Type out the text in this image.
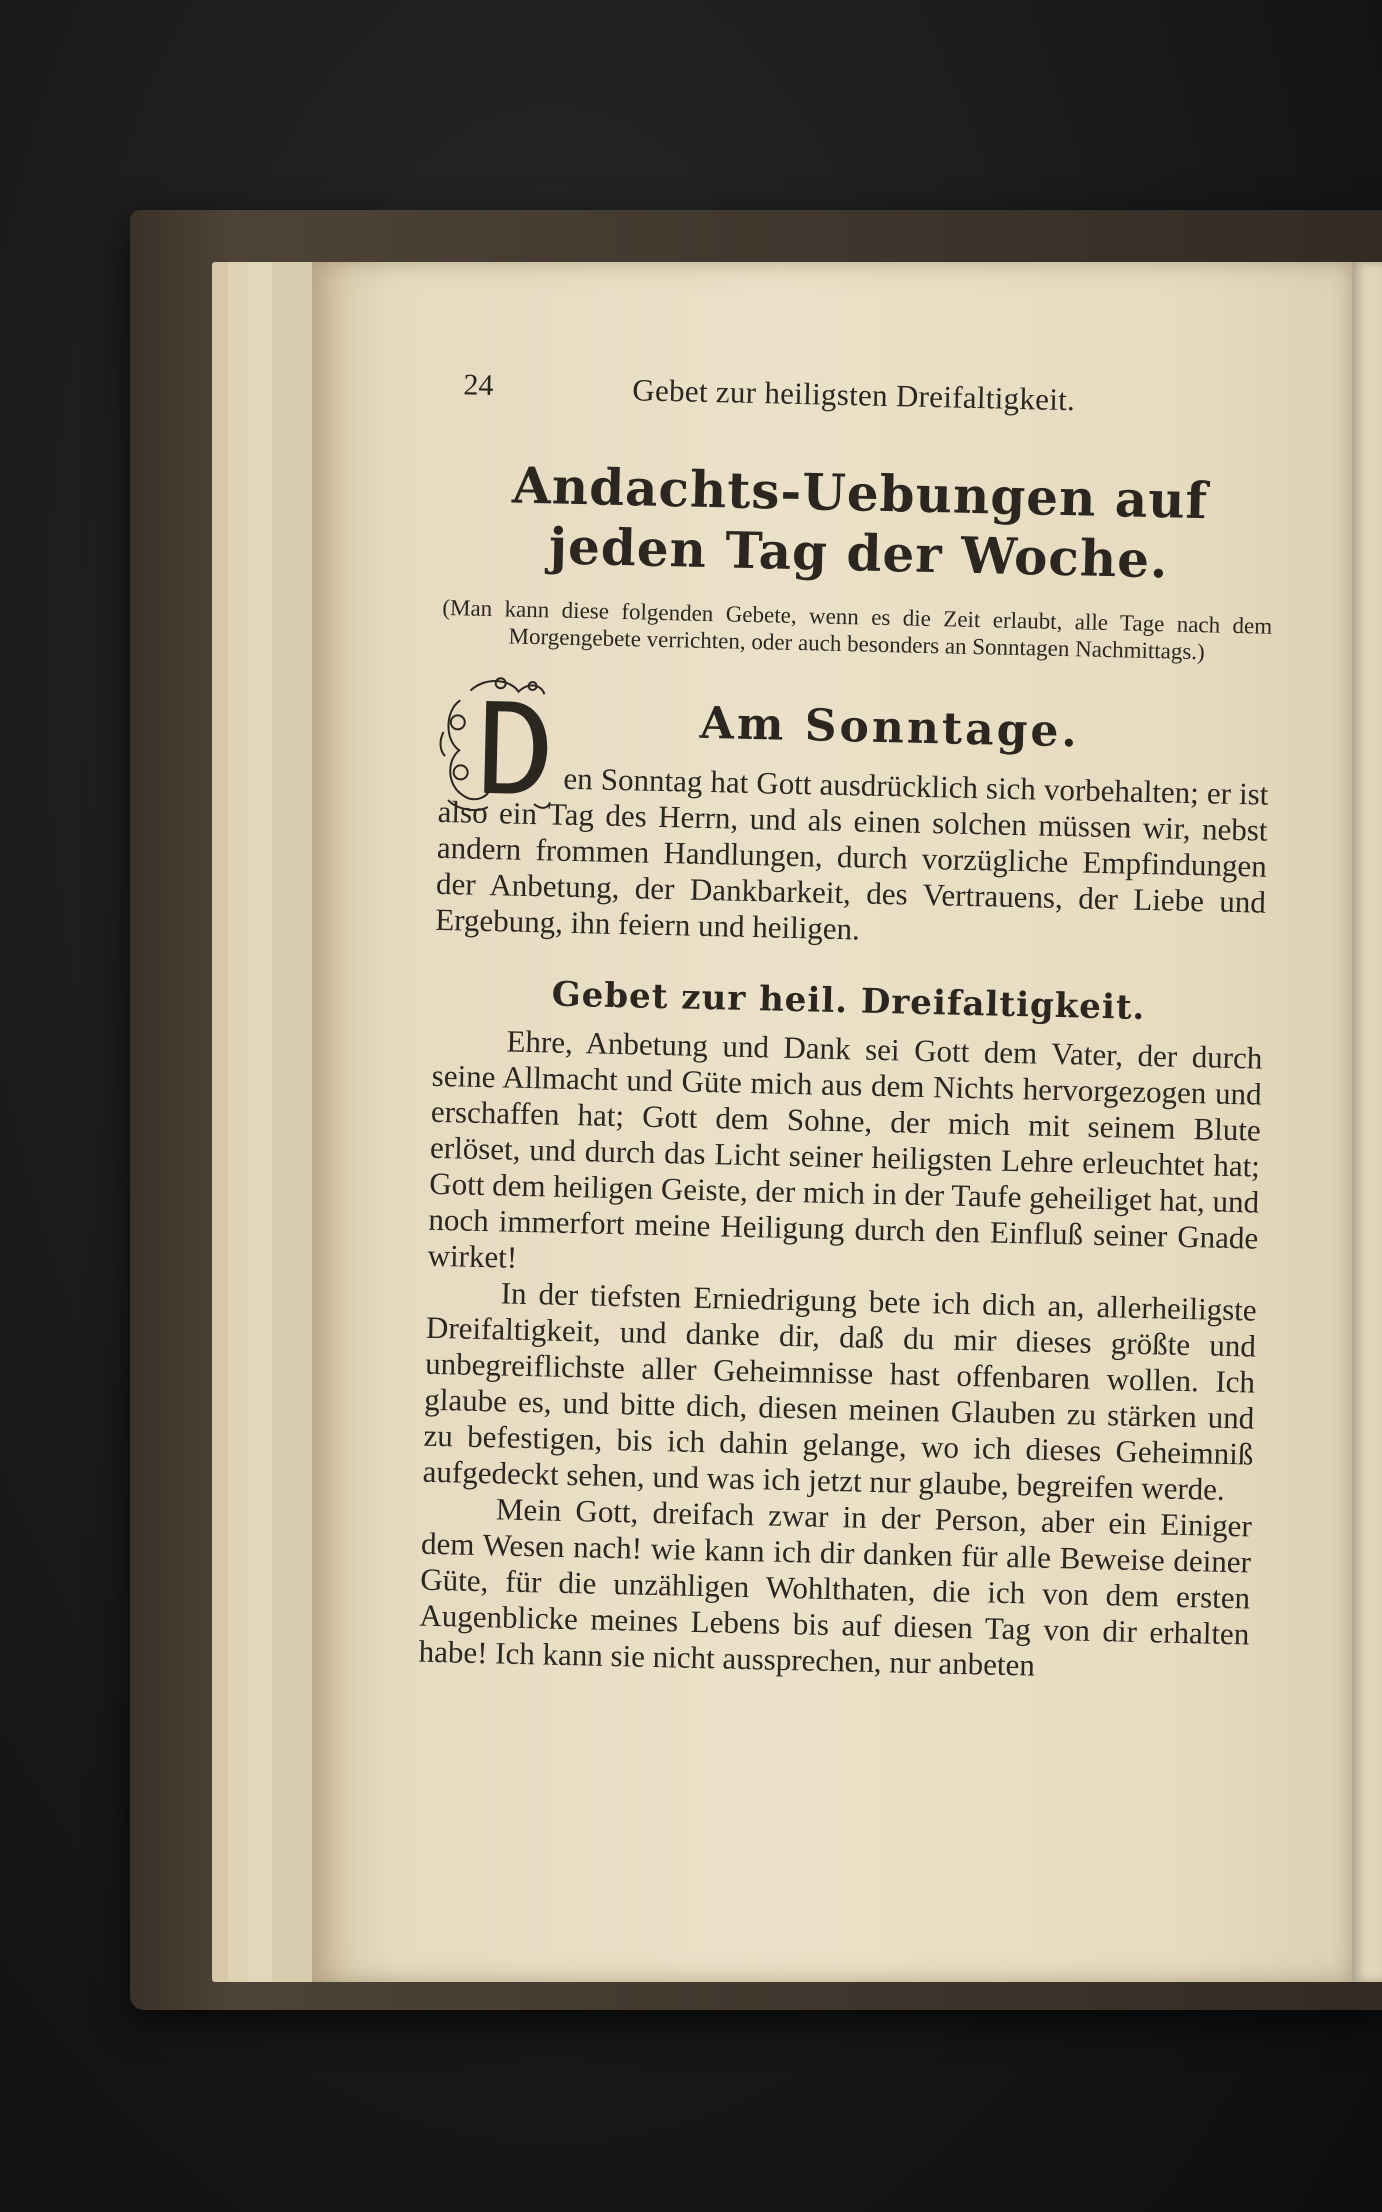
24	Gebet zur heiligsten Dreifaltigkeit.
Andachts-Uebungen auf jeden Tag der Woche.
(Man kann diese folgenden Gebete, wenn es die Zeit erlaubt, alle Tage nach dem Morgengebete verrichten, oder auch besonders an Sonntagen Nachmittags.)
Am Sonntage.

en Sonntag hat Gott ausdrücklich sich vorbehalten; er ist also ein Tag des Herrn, und als einen solchen müssen wir, nebst andern frommen Handlungen, durch vorzügliche Empfindungen der Anbetung, der Dankbarkeit, des Vertrauens, der Liebe und Ergebung, ihn feiern und heiligen.

Gebet zur heil. Dreifaltigkeit.

Ehre, Anbetung und Dank sei Gott dem Vater, der durch seine Allmacht und Güte mich aus dem Nichts hervorgezogen und erschaffen hat; Gott dem Sohne, der mich mit seinem Blute erlöset, und durch das Licht seiner heiligsten Lehre erleuchtet hat; Gott dem heiligen Geiste, der mich in der Taufe geheiliget hat, und noch immerfort meine Heiligung durch den Einfluß seiner Gnade wirket!

In der tiefsten Erniedrigung bete ich dich an, allerheiligste Dreifaltigkeit, und danke dir, daß du mir dieses größte und unbegreiflichste aller Geheimnisse hast offenbaren wollen. Ich glaube es, und bitte dich, diesen meinen Glauben zu stärken und zu befestigen, bis ich dahin gelange, wo ich dieses Geheimniß aufgedeckt sehen, und was ich jetzt nur glaube, begreifen werde.

Mein Gott, dreifach zwar in der Person, aber ein Einiger dem Wesen nach! wie kann ich dir danken für alle Beweise deiner Güte, für die unzähligen Wohlthaten, die ich von dem ersten Augenblicke meines Lebens bis auf diesen Tag von dir erhalten habe! Ich kann sie nicht aussprechen, nur anbeten
